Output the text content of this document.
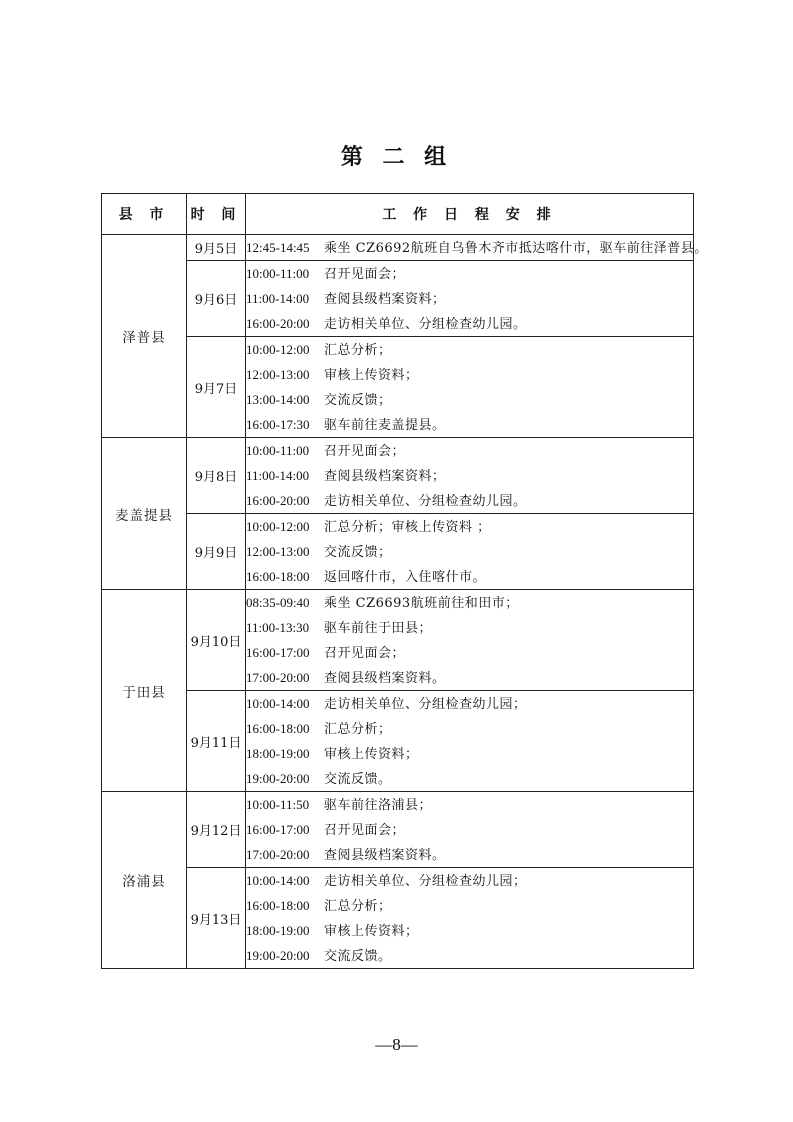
第 二 组
县 市	时 间	工 作 日 程 安 排
泽普县	9月5日	12:45-14:45 乘坐 CZ6692航班自乌鲁木齐市抵达喀什市，驱车前往泽普县。

	9月6日	10:00-11:00 召开见面会；
11:00-14:00 查阅县级档案资料；
16:00-20:00 走访相关单位、分组检查幼儿园。

	9月7日	10:00-12:00 汇总分析；
12:00-13:00 审核上传资料；
13:00-14:00 交流反馈；
16:00-17:30 驱车前往麦盖提县。

麦盖提县	9月8日	10:00-11:00 召开见面会；
11:00-14:00 查阅县级档案资料；
16:00-20:00 走访相关单位、分组检查幼儿园。

	9月9日	10:00-12:00 汇总分析；审核上传资料 ；
12:00-13:00 交流反馈；
16:00-18:00 返回喀什市，入住喀什市。

于田县	9月10日	08:35-09:40 乘坐 CZ6693航班前往和田市；
11:00-13:30 驱车前往于田县；
16:00-17:00 召开见面会；
17:00-20:00 查阅县级档案资料。

	9月11日	10:00-14:00 走访相关单位、分组检查幼儿园；
16:00-18:00 汇总分析；
18:00-19:00 审核上传资料；
19:00-20:00 交流反馈。

洛浦县	9月12日	10:00-11:50 驱车前往洛浦县；
16:00-17:00 召开见面会；
17:00-20:00 查阅县级档案资料。

	9月13日	10:00-14:00 走访相关单位、分组检查幼儿园；
16:00-18:00 汇总分析；
18:00-19:00 审核上传资料；
19:00-20:00 交流反馈。
—8—
